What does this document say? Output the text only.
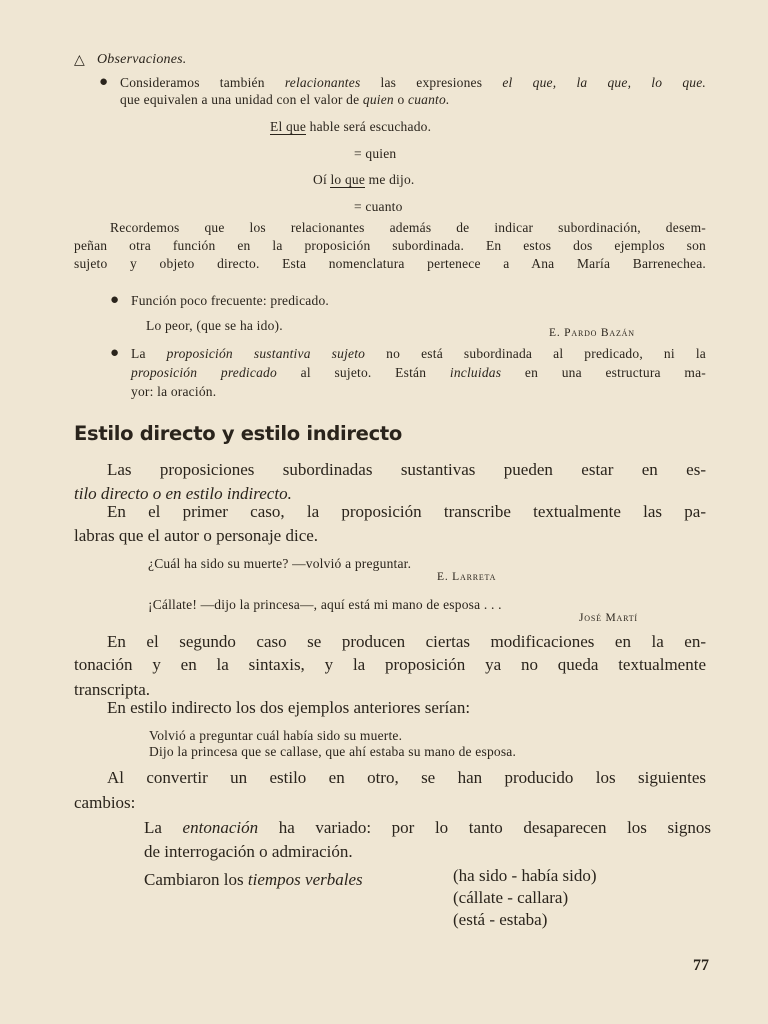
△ Observaciones.
● Consideramos también relacionantes las expresiones el que, la que, lo que.
que equivalen a una unidad con el valor de quien o cuanto.
El que hable será escuchado.
= quien
Oí lo que me dijo.
= cuanto
Recordemos que los relacionantes además de indicar subordinación, desem-
peñan otra función en la proposición subordinada. En estos dos ejemplos son
sujeto y objeto directo. Esta nomenclatura pertenece a Ana María Barrenechea.
● Función poco frecuente: predicado.
Lo peor, (que se ha ido).	E. Pardo Bazán
● La proposición sustantiva sujeto no está subordinada al predicado, ni la
proposición predicado al sujeto. Están incluidas en una estructura ma-
yor: la oración.
Estilo directo y estilo indirecto
Las proposiciones subordinadas sustantivas pueden estar en es-
tilo directo o en estilo indirecto.
En el primer caso, la proposición transcribe textualmente las pa-
labras que el autor o personaje dice.
¿Cuál ha sido su muerte? —volvió a preguntar.
E. Larreta
¡Cállate! —dijo la princesa—, aquí está mi mano de esposa . . .
José Martí
En el segundo caso se producen ciertas modificaciones en la en-
tonación y en la sintaxis, y la proposición ya no queda textualmente
transcripta.
En estilo indirecto los dos ejemplos anteriores serían:
Volvió a preguntar cuál había sido su muerte.
Dijo la princesa que se callase, que ahí estaba su mano de esposa.
Al convertir un estilo en otro, se han producido los siguientes
cambios:
La entonación ha variado: por lo tanto desaparecen los signos
de interrogación o admiración.
Cambiaron los tiempos verbales	(ha sido - había sido)
(cállate - callara)
(está - estaba)
77
